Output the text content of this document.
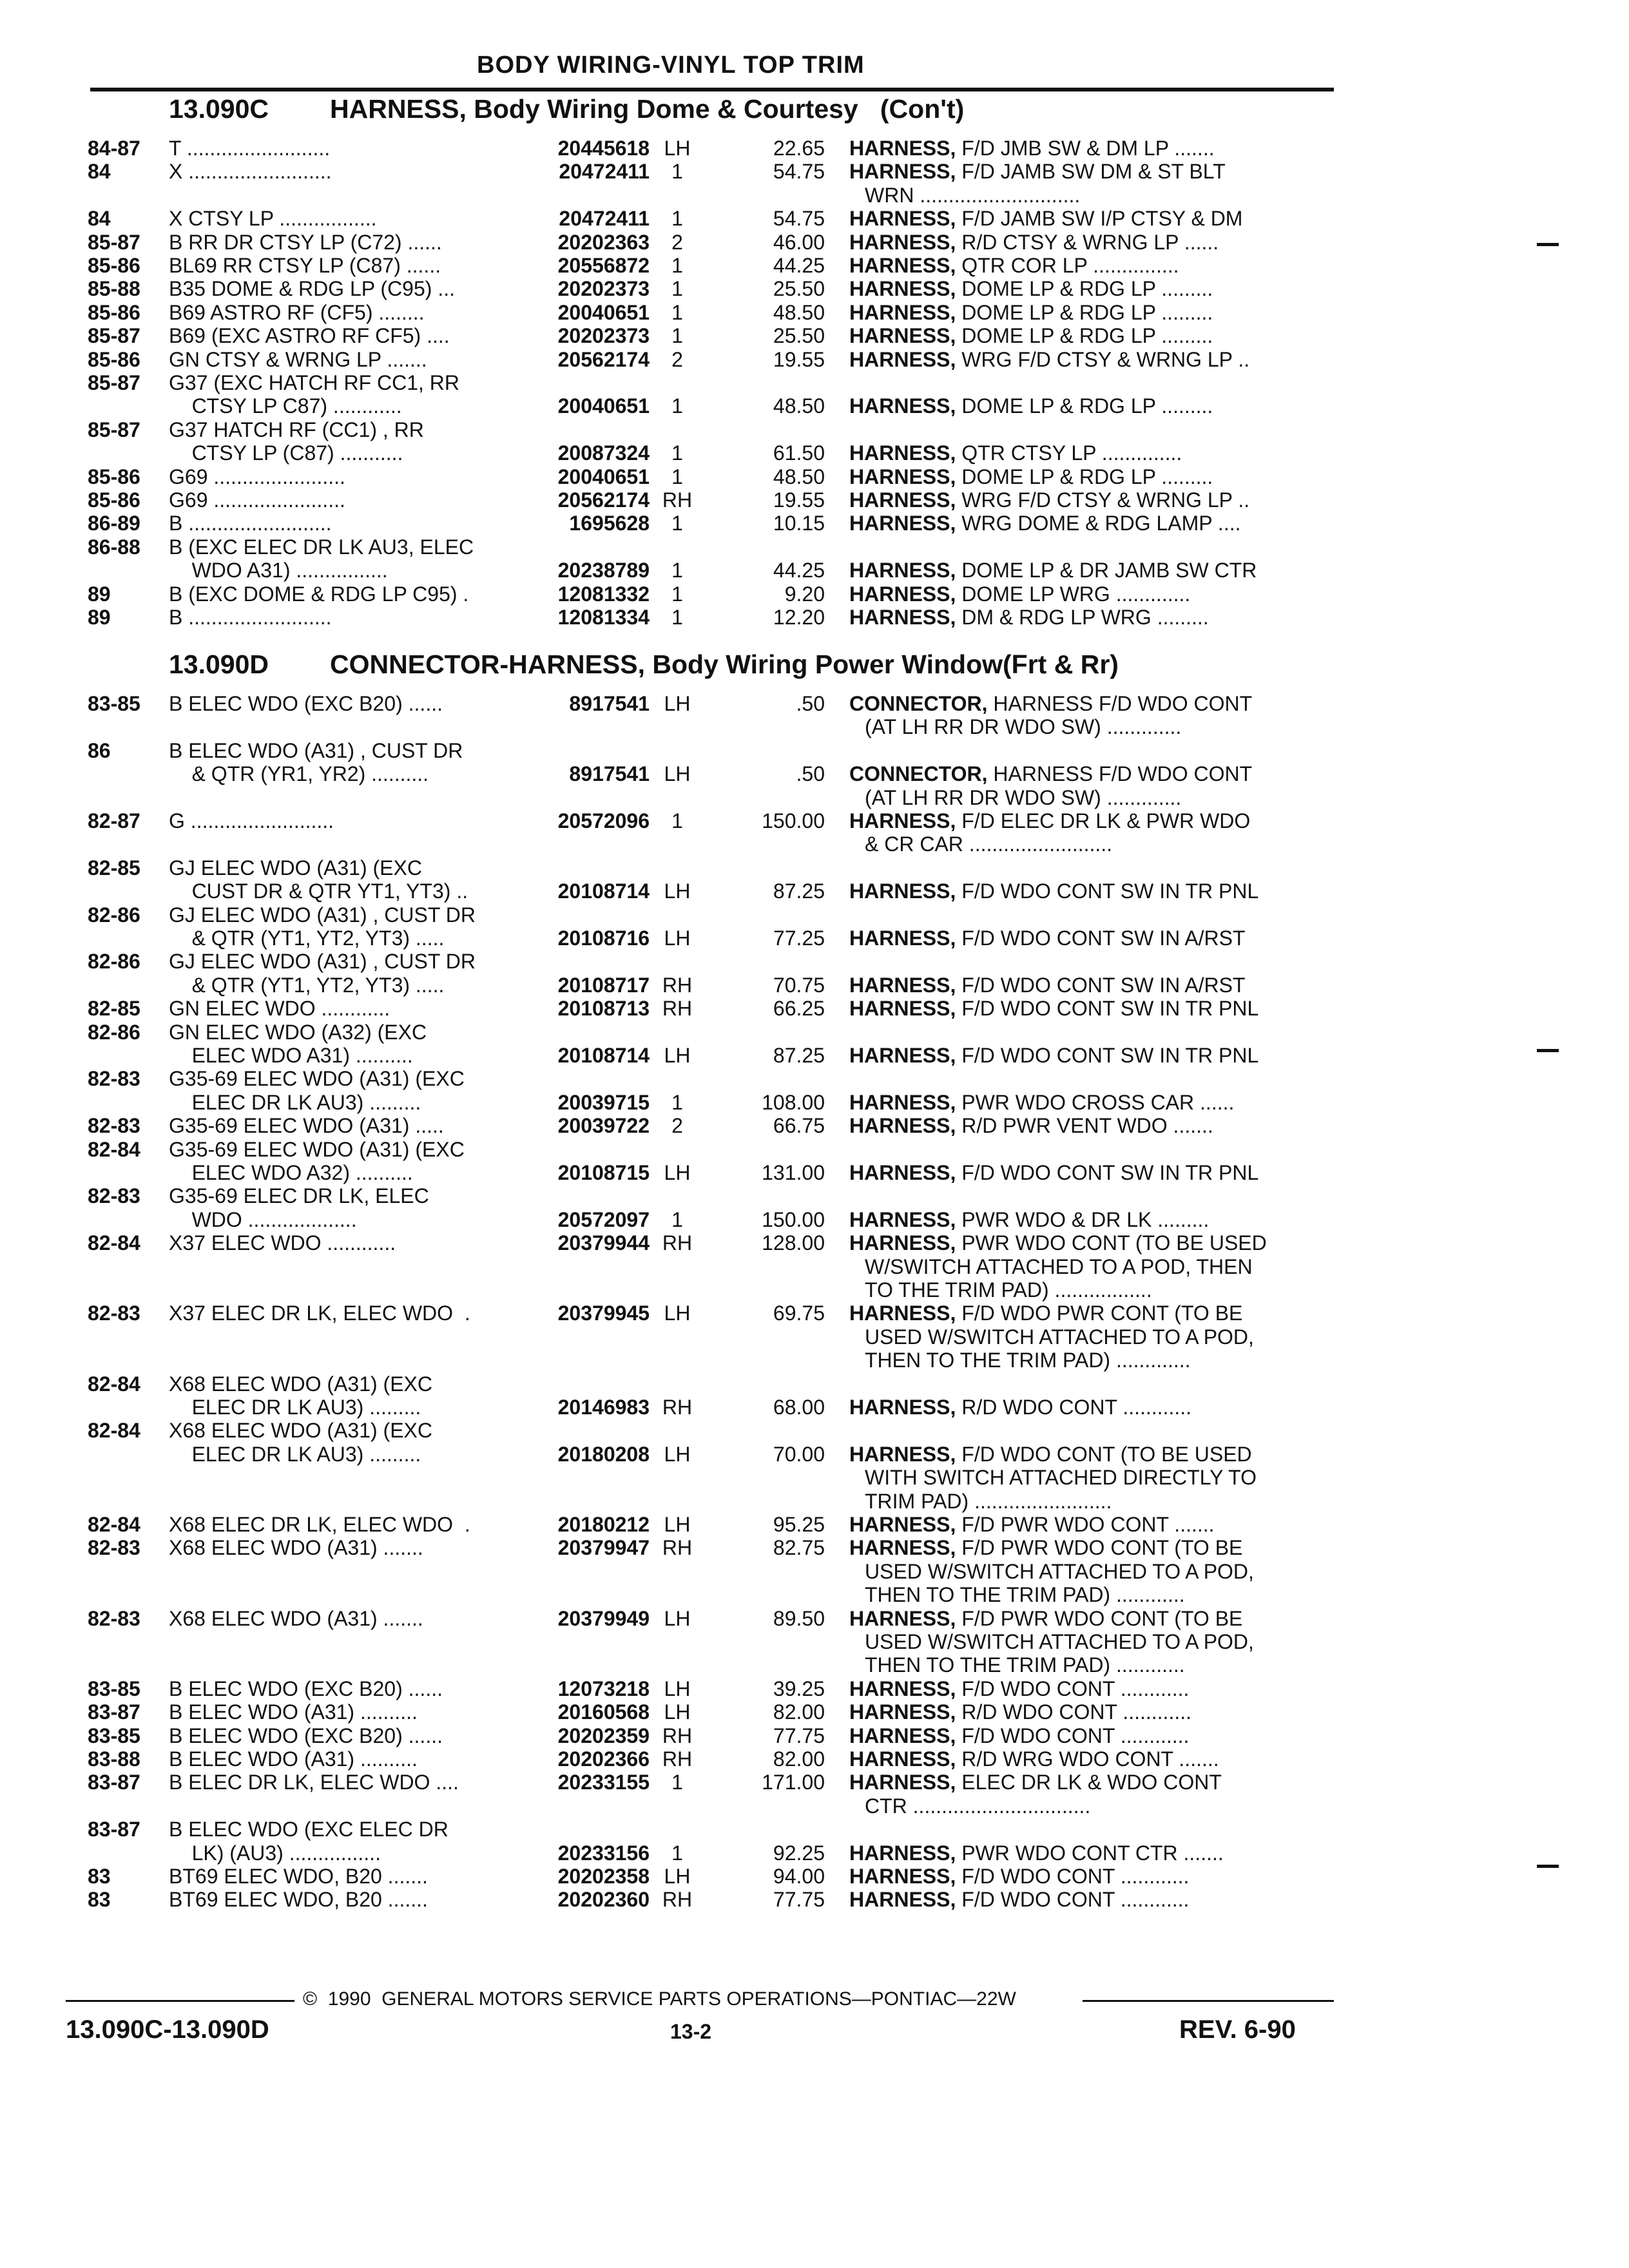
BODY WIRING-VINYL TOP TRIM
13.090C HARNESS, Body Wiring Dome & Courtesy   (Con't)
84-87 T .........................	20445618 LH	22.65 HARNESS, F/D JMB SW & DM LP .......
84	X .........................	20472411	1	54.75 HARNESS, F/D JAMB SW DM & ST BLT
WRN ............................
84	X CTSY LP .................	20472411	1	54.75 HARNESS, F/D JAMB SW I/P CTSY & DM
85-87 B RR DR CTSY LP (C72) ......	20202363	2	46.00 HARNESS, R/D CTSY & WRNG LP ......
85-86 BL69 RR CTSY LP (C87) ......	20556872	1	44.25 HARNESS, QTR COR LP ...............
85-88 B35 DOME & RDG LP (C95) ...	20202373	1	25.50 HARNESS, DOME LP & RDG LP .........
85-86 B69 ASTRO RF (CF5) ........	20040651	1	48.50 HARNESS, DOME LP & RDG LP .........
85-87 B69 (EXC ASTRO RF CF5) ....	20202373	1	25.50 HARNESS, DOME LP & RDG LP .........
85-86 GN CTSY & WRNG LP .......	20562174	2	19.55 HARNESS, WRG F/D CTSY & WRNG LP ..
85-87 G37 (EXC HATCH RF CC1, RR
CTSY LP C87) ............	20040651	1	48.50 HARNESS, DOME LP & RDG LP .........
85-87 G37 HATCH RF (CC1) , RR
CTSY LP (C87) ...........	20087324	1	61.50 HARNESS, QTR CTSY LP ..............
85-86 G69 .......................	20040651	1	48.50 HARNESS, DOME LP & RDG LP .........
85-86 G69 .......................	20562174 RH	19.55 HARNESS, WRG F/D CTSY & WRNG LP ..
86-89 B .........................	1695628	1	10.15 HARNESS, WRG DOME & RDG LAMP ....
86-88 B (EXC ELEC DR LK AU3, ELEC
WDO A31) ................	20238789	1	44.25 HARNESS, DOME LP & DR JAMB SW CTR
89	B (EXC DOME & RDG LP C95) .	12081332	1	9.20 HARNESS, DOME LP WRG .............
89	B .........................	12081334	1	12.20 HARNESS, DM & RDG LP WRG .........
13.090D CONNECTOR-HARNESS, Body Wiring Power Window(Frt & Rr)
83-85 B ELEC WDO (EXC B20) ......	8917541 LH	.50 CONNECTOR, HARNESS F/D WDO CONT
(AT LH RR DR WDO SW) .............
86	B ELEC WDO (A31) , CUST DR
& QTR (YR1, YR2) ..........	8917541 LH	.50 CONNECTOR, HARNESS F/D WDO CONT
(AT LH RR DR WDO SW) .............
82-87 G .........................	20572096	1	150.00 HARNESS, F/D ELEC DR LK & PWR WDO
& CR CAR .........................
82-85 GJ ELEC WDO (A31) (EXC
CUST DR & QTR YT1, YT3) ..	20108714 LH	87.25 HARNESS, F/D WDO CONT SW IN TR PNL
82-86 GJ ELEC WDO (A31) , CUST DR
& QTR (YT1, YT2, YT3) .....	20108716 LH	77.25 HARNESS, F/D WDO CONT SW IN A/RST
82-86 GJ ELEC WDO (A31) , CUST DR
& QTR (YT1, YT2, YT3) .....	20108717 RH	70.75 HARNESS, F/D WDO CONT SW IN A/RST
82-85 GN ELEC WDO ............	20108713 RH	66.25 HARNESS, F/D WDO CONT SW IN TR PNL
82-86 GN ELEC WDO (A32) (EXC
ELEC WDO A31) ..........	20108714 LH	87.25 HARNESS, F/D WDO CONT SW IN TR PNL
82-83 G35-69 ELEC WDO (A31) (EXC
ELEC DR LK AU3) .........	20039715	1	108.00 HARNESS, PWR WDO CROSS CAR ......
82-83 G35-69 ELEC WDO (A31) .....	20039722	2	66.75 HARNESS, R/D PWR VENT WDO .......
82-84 G35-69 ELEC WDO (A31) (EXC
ELEC WDO A32) ..........	20108715 LH	131.00 HARNESS, F/D WDO CONT SW IN TR PNL
82-83 G35-69 ELEC DR LK, ELEC
WDO ...................	20572097	1	150.00 HARNESS, PWR WDO & DR LK .........
82-84 X37 ELEC WDO ............	20379944 RH	128.00 HARNESS, PWR WDO CONT (TO BE USED
W/SWITCH ATTACHED TO A POD, THEN
TO THE TRIM PAD) .................
82-83 X37 ELEC DR LK, ELEC WDO  .	20379945 LH	69.75 HARNESS, F/D WDO PWR CONT (TO BE
USED W/SWITCH ATTACHED TO A POD,
THEN TO THE TRIM PAD) .............
82-84 X68 ELEC WDO (A31) (EXC
ELEC DR LK AU3) .........	20146983 RH	68.00 HARNESS, R/D WDO CONT ............
82-84 X68 ELEC WDO (A31) (EXC
ELEC DR LK AU3) .........	20180208 LH	70.00 HARNESS, F/D WDO CONT (TO BE USED
WITH SWITCH ATTACHED DIRECTLY TO
TRIM PAD) ........................
82-84 X68 ELEC DR LK, ELEC WDO  .	20180212 LH	95.25 HARNESS, F/D PWR WDO CONT .......
82-83 X68 ELEC WDO (A31) .......	20379947 RH	82.75 HARNESS, F/D PWR WDO CONT (TO BE
USED W/SWITCH ATTACHED TO A POD,
THEN TO THE TRIM PAD) ............
82-83 X68 ELEC WDO (A31) .......	20379949 LH	89.50 HARNESS, F/D PWR WDO CONT (TO BE
USED W/SWITCH ATTACHED TO A POD,
THEN TO THE TRIM PAD) ............
83-85 B ELEC WDO (EXC B20) ......	12073218 LH	39.25 HARNESS, F/D WDO CONT ............
83-87 B ELEC WDO (A31) ..........	20160568 LH	82.00 HARNESS, R/D WDO CONT ............
83-85 B ELEC WDO (EXC B20) ......	20202359 RH	77.75 HARNESS, F/D WDO CONT ............
83-88 B ELEC WDO (A31) ..........	20202366 RH	82.00 HARNESS, R/D WRG WDO CONT .......
83-87 B ELEC DR LK, ELEC WDO ....	20233155	1	171.00 HARNESS, ELEC DR LK & WDO CONT
CTR ...............................
83-87 B ELEC WDO (EXC ELEC DR
LK) (AU3) ................	20233156	1	92.25 HARNESS, PWR WDO CONT CTR .......
83	BT69 ELEC WDO, B20 .......	20202358 LH	94.00 HARNESS, F/D WDO CONT ............
83	BT69 ELEC WDO, B20 .......	20202360 RH	77.75 HARNESS, F/D WDO CONT ............
©  1990  GENERAL MOTORS SERVICE PARTS OPERATIONS—PONTIAC—22W
13.090C-13.090D	13-2	REV. 6-90
